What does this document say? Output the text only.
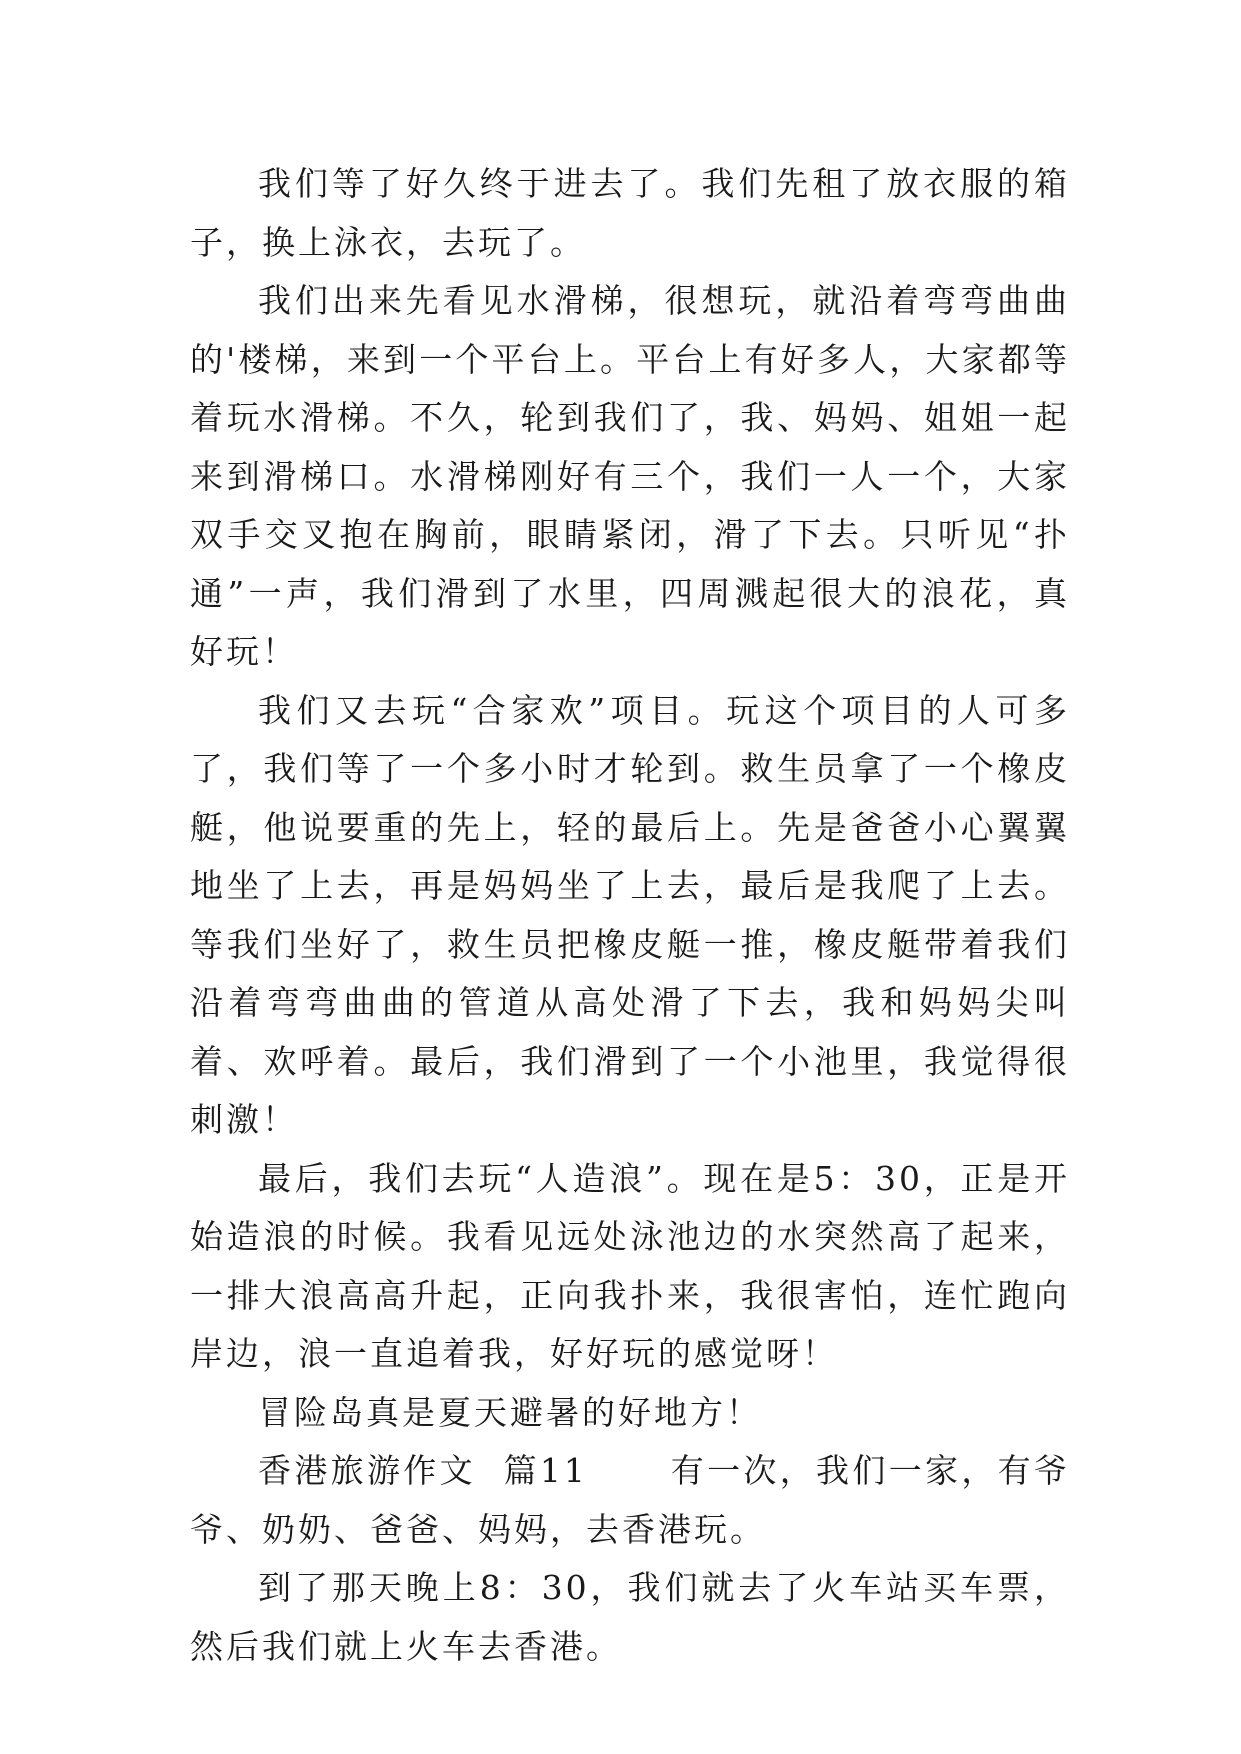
我们等了好久终于进去了。我们先租了放衣服的箱子，换上泳衣，去玩了。

我们出来先看见水滑梯，很想玩，就沿着弯弯曲曲的'楼梯，来到一个平台上。平台上有好多人，大家都等着玩水滑梯。不久，轮到我们了，我、妈妈、姐姐一起来到滑梯口。水滑梯刚好有三个，我们一人一个，大家双手交叉抱在胸前，眼睛紧闭，滑了下去。只听见“扑通”一声，我们滑到了水里，四周溅起很大的浪花，真好玩！

我们又去玩“合家欢”项目。玩这个项目的人可多了，我们等了一个多小时才轮到。救生员拿了一个橡皮艇，他说要重的先上，轻的最后上。先是爸爸小心翼翼地坐了上去，再是妈妈坐了上去，最后是我爬了上去。等我们坐好了，救生员把橡皮艇一推，橡皮艇带着我们沿着弯弯曲曲的管道从高处滑了下去，我和妈妈尖叫着、欢呼着。最后，我们滑到了一个小池里，我觉得很刺激！

最后，我们去玩“人造浪”。现在是5：30，正是开始造浪的时候。我看见远处泳池边的水突然高了起来，一排大浪高高升起，正向我扑来，我很害怕，连忙跑向岸边，浪一直追着我，好好玩的感觉呀！

冒险岛真是夏天避暑的好地方！

香港旅游作文  篇11      有一次，我们一家，有爷爷、奶奶、爸爸、妈妈，去香港玩。

到了那天晚上8：30，我们就去了火车站买车票，然后我们就上火车去香港。
